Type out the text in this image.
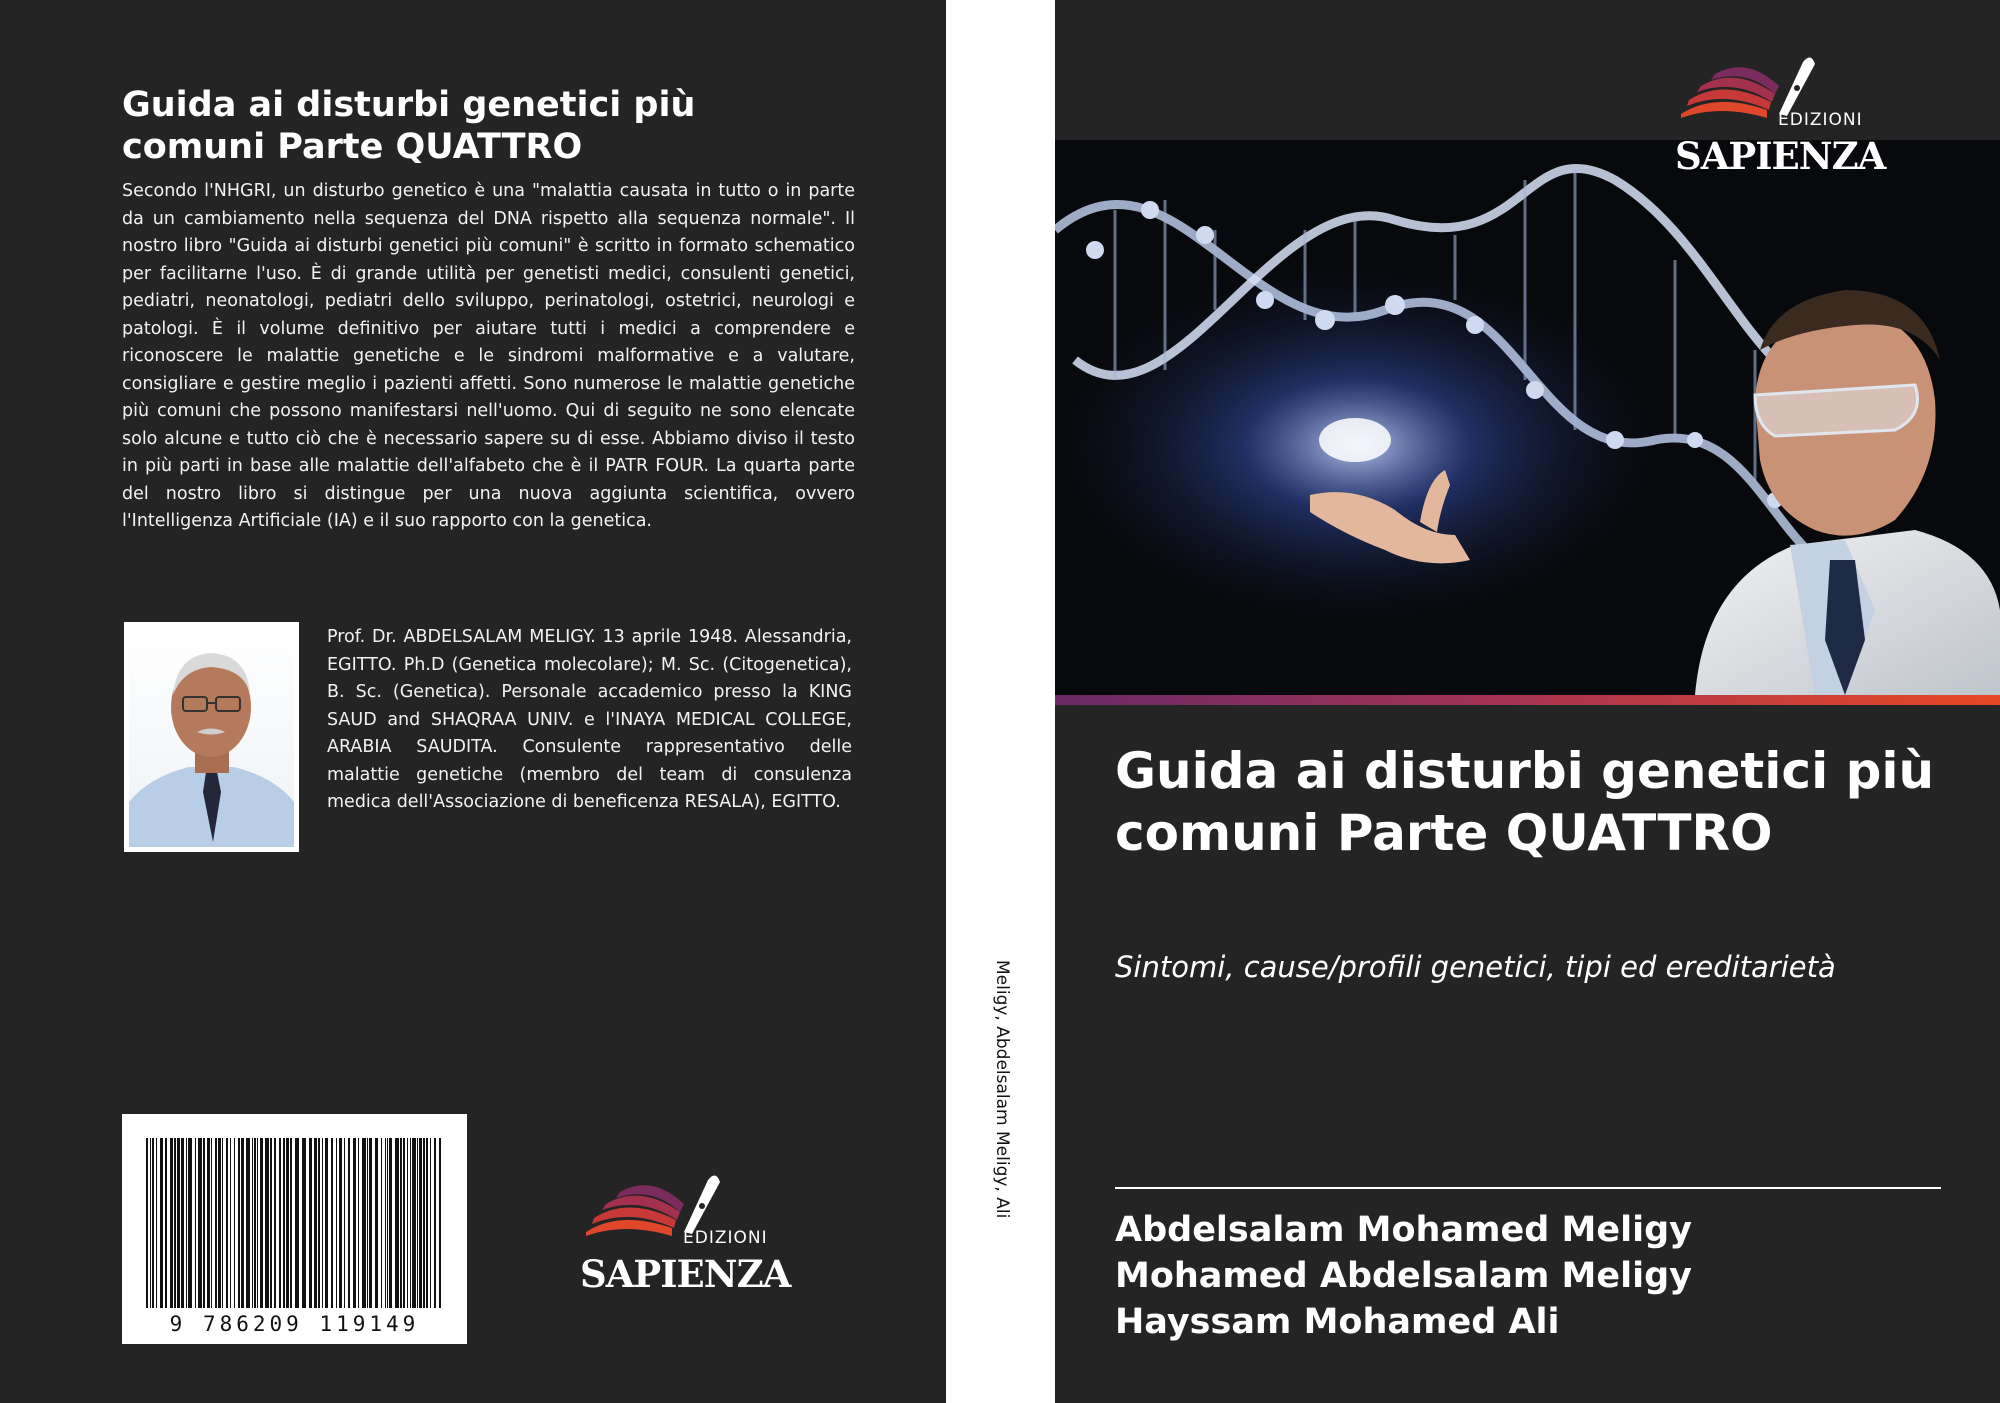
Guida ai disturbi genetici più comuni Parte QUATTRO
Secondo l'NHGRI, un disturbo genetico è una "malattia causata in tutto o in parte da un cambiamento nella sequenza del DNA rispetto alla sequenza normale". Il nostro libro "Guida ai disturbi genetici più comuni" è scritto in formato schematico per facilitarne l'uso. È di grande utilità per genetisti medici, consulenti genetici, pediatri, neonatologi, pediatri dello sviluppo, perinatologi, ostetrici, neurologi e patologi. È il volume definitivo per aiutare tutti i medici a comprendere e riconoscere le malattie genetiche e le sindromi malformative e a valutare, consigliare e gestire meglio i pazienti affetti. Sono numerose le malattie genetiche più comuni che possono manifestarsi nell'uomo. Qui di seguito ne sono elencate solo alcune e tutto ciò che è necessario sapere su di esse. Abbiamo diviso il testo in più parti in base alle malattie dell'alfabeto che è il PATR FOUR. La quarta parte del nostro libro si distingue per una nuova aggiunta scientifica, ovvero l'Intelligenza Artificiale (IA) e il suo rapporto con la genetica.
Prof. Dr. ABDELSALAM MELIGY. 13 aprile 1948. Alessandria, EGITTO. Ph.D (Genetica molecolare); M. Sc. (Citogenetica), B. Sc. (Genetica). Personale accademico presso la KING SAUD and SHAQRAA UNIV. e l'INAYA MEDICAL COLLEGE, ARABIA SAUDITA. Consulente rappresentativo delle malattie genetiche (membro del team di consulenza medica dell'Associazione di beneficenza RESALA), EGITTO.
9 786209 119149
EDIZIONI
SAPIENZA
Meligy, Abdelsalam Meligy, Ali
EDIZIONI
SAPIENZA
Guida ai disturbi genetici più comuni Parte QUATTRO
Sintomi, cause/profili genetici, tipi ed ereditarietà
Abdelsalam Mohamed Meligy
Mohamed Abdelsalam Meligy
Hayssam Mohamed Ali
